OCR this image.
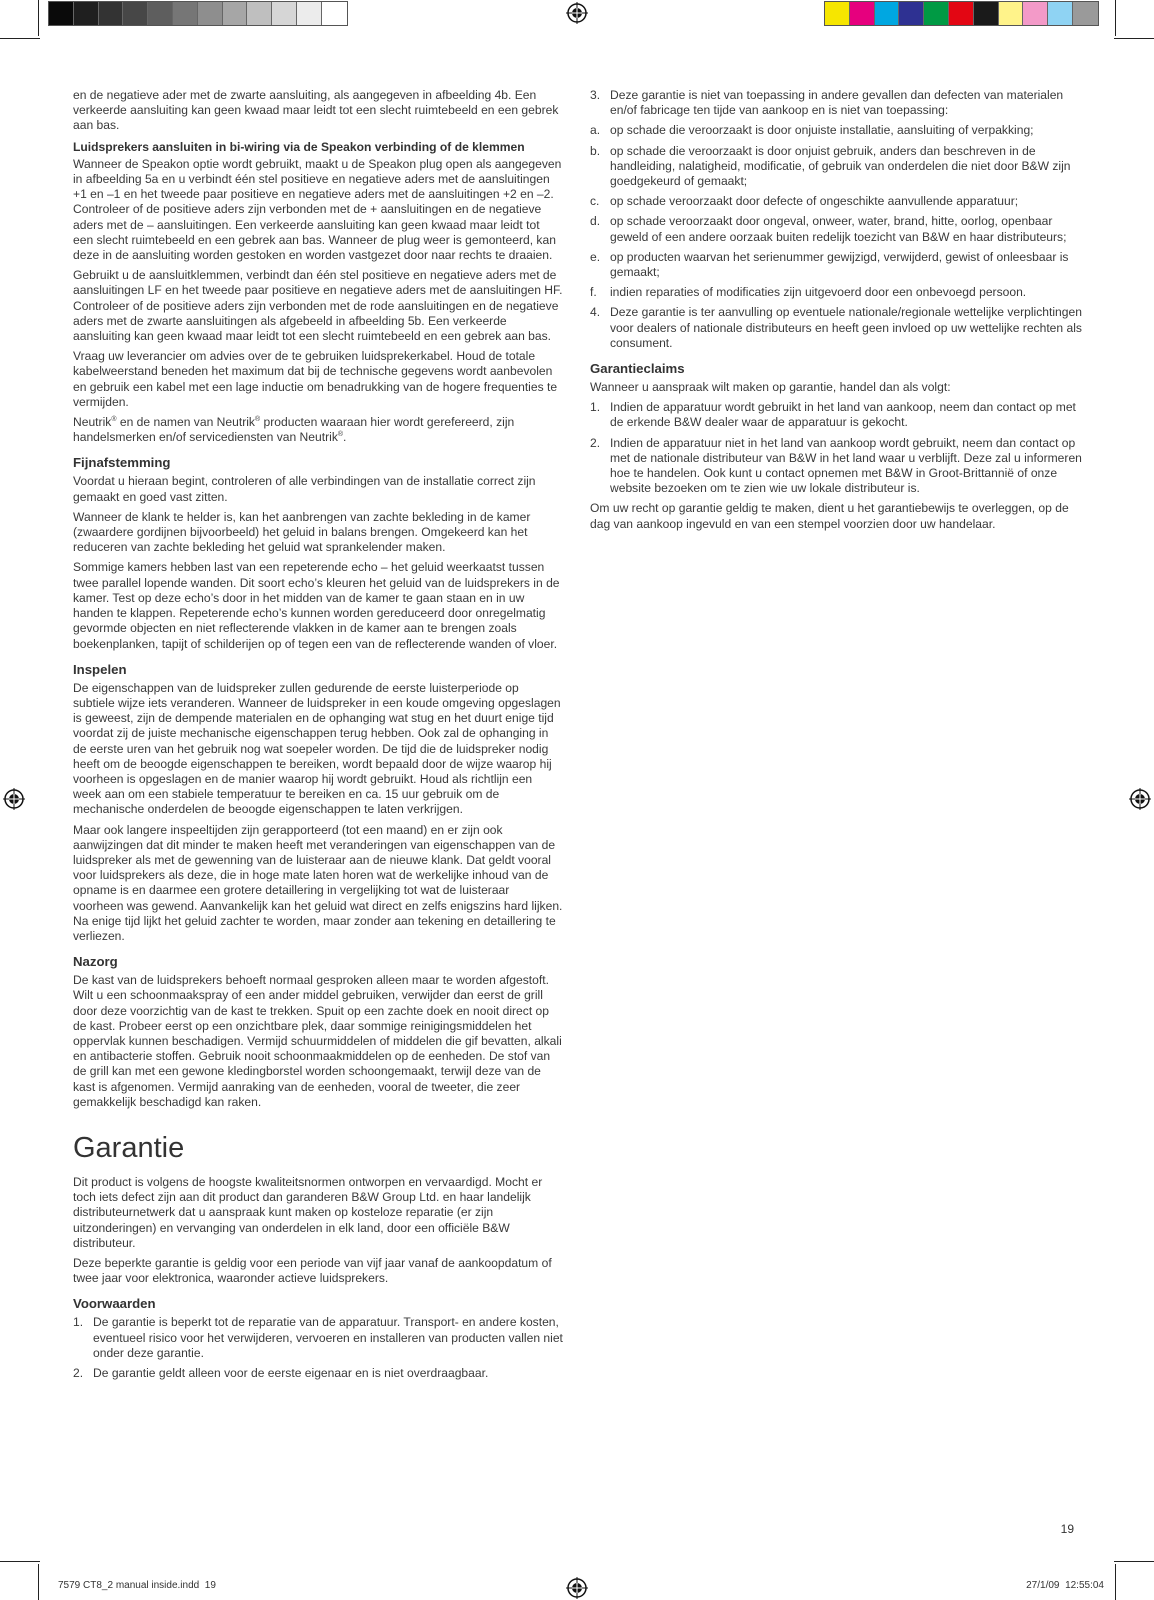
en de negatieve ader met de zwarte aansluiting, als aangegeven in afbeelding 4b. Een verkeerde aansluiting kan geen kwaad maar leidt tot een slecht ruimtebeeld en een gebrek aan bas.

Luidsprekers aansluiten in bi-wiring via de Speakon verbinding of de klemmen

Wanneer de Speakon optie wordt gebruikt, maakt u de Speakon plug open als aangegeven in afbeelding 5a en u verbindt één stel positieve en negatieve aders met de aansluitingen +1 en –1 en het tweede paar positieve en negatieve aders met de aansluitingen +2 en –2. Controleer of de positieve aders zijn verbonden met de + aansluitingen en de negatieve aders met de – aansluitingen. Een verkeerde aansluiting kan geen kwaad maar leidt tot een slecht ruimtebeeld en een gebrek aan bas. Wanneer de plug weer is gemonteerd, kan deze in de aansluiting worden gestoken en worden vastgezet door naar rechts te draaien.

Gebruikt u de aansluitklemmen, verbindt dan één stel positieve en negatieve aders met de aansluitingen LF en het tweede paar positieve en negatieve aders met de aansluitingen HF. Controleer of de positieve aders zijn verbonden met de rode aansluitingen en de negatieve aders met de zwarte aansluitingen als afgebeeld in afbeelding 5b. Een verkeerde aansluiting kan geen kwaad maar leidt tot een slecht ruimtebeeld en een gebrek aan bas.

Vraag uw leverancier om advies over de te gebruiken luidsprekerkabel. Houd de totale kabelweerstand beneden het maximum dat bij de technische gegevens wordt aanbevolen en gebruik een kabel met een lage inductie om benadrukking van de hogere frequenties te vermijden.

Neutrik® en de namen van Neutrik® producten waaraan hier wordt gerefereerd, zijn handelsmerken en/of servicediensten van Neutrik®.

Fijnafstemming

Voordat u hieraan begint, controleren of alle verbindingen van de installatie correct zijn gemaakt en goed vast zitten.

Wanneer de klank te helder is, kan het aanbrengen van zachte bekleding in de kamer (zwaardere gordijnen bijvoorbeeld) het geluid in balans brengen. Omgekeerd kan het reduceren van zachte bekleding het geluid wat sprankelender maken.

Sommige kamers hebben last van een repeterende echo – het geluid weerkaatst tussen twee parallel lopende wanden. Dit soort echo’s kleuren het geluid van de luidsprekers in de kamer. Test op deze echo’s door in het midden van de kamer te gaan staan en in uw handen te klappen. Repeterende echo’s kunnen worden gereduceerd door onregelmatig gevormde objecten en niet reflecterende vlakken in de kamer aan te brengen zoals boekenplanken, tapijt of schilderijen op of tegen een van de reflecterende wanden of vloer.

Inspelen

De eigenschappen van de luidspreker zullen gedurende de eerste luisterperiode op subtiele wijze iets veranderen. Wanneer de luidspreker in een koude omgeving opgeslagen is geweest, zijn de dempende materialen en de ophanging wat stug en het duurt enige tijd voordat zij de juiste mechanische eigenschappen terug hebben. Ook zal de ophanging in de eerste uren van het gebruik nog wat soepeler worden. De tijd die de luidspreker nodig heeft om de beoogde eigenschappen te bereiken, wordt bepaald door de wijze waarop hij voorheen is opgeslagen en de manier waarop hij wordt gebruikt. Houd als richtlijn een week aan om een stabiele temperatuur te bereiken en ca. 15 uur gebruik om de mechanische onderdelen de beoogde eigenschappen te laten verkrijgen.

Maar ook langere inspeeltijden zijn gerapporteerd (tot een maand) en er zijn ook aanwijzingen dat dit minder te maken heeft met veranderingen van eigenschappen van de luidspreker als met de gewenning van de luisteraar aan de nieuwe klank. Dat geldt vooral voor luidsprekers als deze, die in hoge mate laten horen wat de werkelijke inhoud van de opname is en daarmee een grotere detaillering in vergelijking tot wat de luisteraar voorheen was gewend. Aanvankelijk kan het geluid wat direct en zelfs enigszins hard lijken. Na enige tijd lijkt het geluid zachter te worden, maar zonder aan tekening en detaillering te verliezen.

Nazorg

De kast van de luidsprekers behoeft normaal gesproken alleen maar te worden afgestoft. Wilt u een schoonmaakspray of een ander middel gebruiken, verwijder dan eerst de grill door deze voorzichtig van de kast te trekken. Spuit op een zachte doek en nooit direct op de kast. Probeer eerst op een onzichtbare plek, daar sommige reinigingsmiddelen het oppervlak kunnen beschadigen. Vermijd schuurmiddelen of middelen die gif bevatten, alkali en antibacterie stoffen. Gebruik nooit schoonmaakmiddelen op de eenheden. De stof van de grill kan met een gewone kledingborstel worden schoongemaakt, terwijl deze van de kast is afgenomen. Vermijd aanraking van de eenheden, vooral de tweeter, die zeer gemakkelijk beschadigd kan raken.

Garantie

Dit product is volgens de hoogste kwaliteitsnormen ontworpen en vervaardigd. Mocht er toch iets defect zijn aan dit product dan garanderen B&W Group Ltd. en haar landelijk distributeurnetwerk dat u aanspraak kunt maken op kosteloze reparatie (er zijn uitzonderingen) en vervanging van onderdelen in elk land, door een officiële B&W distributeur.

Deze beperkte garantie is geldig voor een periode van vijf jaar vanaf de aankoopdatum of twee jaar voor elektronica, waaronder actieve luidsprekers.

Voorwaarden
1. De garantie is beperkt tot de reparatie van de apparatuur. Transport- en andere kosten, eventueel risico voor het verwijderen, vervoeren en installeren van producten vallen niet onder deze garantie.
2. De garantie geldt alleen voor de eerste eigenaar en is niet overdraagbaar.
3. Deze garantie is niet van toepassing in andere gevallen dan defecten van materialen en/of fabricage ten tijde van aankoop en is niet van toepassing:
a. op schade die veroorzaakt is door onjuiste installatie, aansluiting of verpakking;
b. op schade die veroorzaakt is door onjuist gebruik, anders dan beschreven in de handleiding, nalatigheid, modificatie, of gebruik van onderdelen die niet door B&W zijn goedgekeurd of gemaakt;
c. op schade veroorzaakt door defecte of ongeschikte aanvullende apparatuur;
d. op schade veroorzaakt door ongeval, onweer, water, brand, hitte, oorlog, openbaar geweld of een andere oorzaak buiten redelijk toezicht van B&W en haar distributeurs;
e. op producten waarvan het serienummer gewijzigd, verwijderd, gewist of onleesbaar is gemaakt;
f.	indien reparaties of modificaties zijn uitgevoerd door een onbevoegd persoon.
4. Deze garantie is ter aanvulling op eventuele nationale/regionale wettelijke verplichtingen voor dealers of nationale distributeurs en heeft geen invloed op uw wettelijke rechten als consument.
Garantieclaims

Wanneer u aanspraak wilt maken op garantie, handel dan als volgt:

1. Indien de apparatuur wordt gebruikt in het land van aankoop, neem dan contact op met de erkende B&W dealer waar de apparatuur is gekocht.
2. Indien de apparatuur niet in het land van aankoop wordt gebruikt, neem dan contact op met de nationale distributeur van B&W in het land waar u verblijft. Deze zal u informeren hoe te handelen. Ook kunt u contact opnemen met B&W in Groot-Brittannië of onze website bezoeken om te zien wie uw lokale distributeur is.

Om uw recht op garantie geldig te maken, dient u het garantiebewijs te overleggen, op de dag van aankoop ingevuld en van een stempel voorzien door uw handelaar.

19
7579 CT8_2 manual inside.indd 19	27/1/09 12:55:04
